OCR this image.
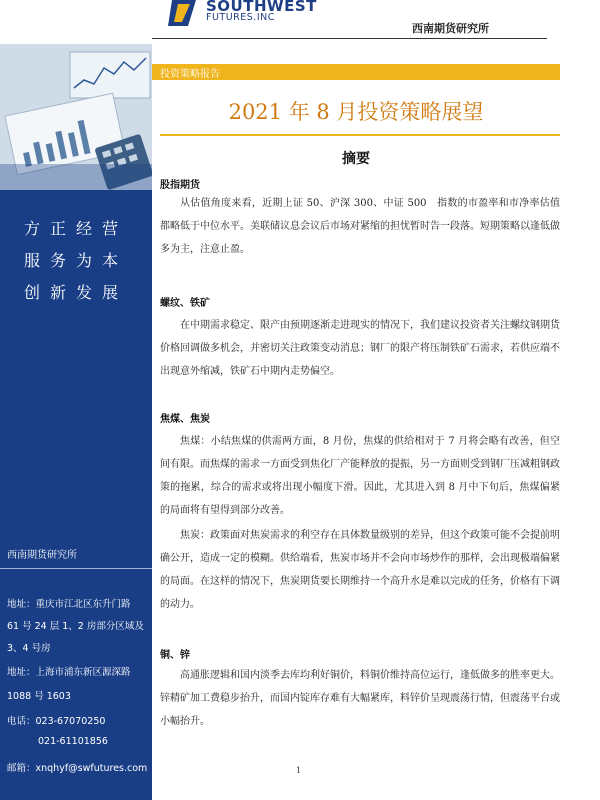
SOUTHWEST
FUTURES.INC
西南期货研究所
方正经营
服务为本
创新发展
西南期货研究所
地址：重庆市江北区东升门路
61 号 24 层 1、2 房部分区域及
3、4 号房
地址：上海市浦东新区源深路
1088 号 1603
电话：023-67070250
021-61101856
邮箱：xnqhyf@swfutures.com
投资策略报告
2021 年 8 月投资策略展望
摘要
股指期货
从估值角度来看，近期上证 50、沪深 300、中证 500　指数的市盈率和市净率估值都略低于中位水平。美联储议息会议后市场对紧缩的担忧暂时告一段落。短期策略以逢低做多为主，注意止盈。
螺纹、铁矿
在中期需求稳定、限产由预期逐渐走进现实的情况下，我们建议投资者关注螺纹钢期货价格回调做多机会，并密切关注政策变动消息；钢厂的限产将压制铁矿石需求，若供应端不出现意外缩减，铁矿石中期内走势偏空。
焦煤、焦炭
焦煤：小结焦煤的供需两方面，8 月份，焦煤的供给相对于 7 月将会略有改善，但空间有限。而焦煤的需求一方面受到焦化厂产能释放的提振，另一方面则受到钢厂压减粗钢政策的拖累，综合的需求或将出现小幅度下滑。因此，尤其进入到 8 月中下旬后，焦煤偏紧的局面将有望得到部分改善。
焦炭：政策面对焦炭需求的利空存在具体数量级别的差异，但这个政策可能不会提前明确公开，造成一定的模糊。供给端看，焦炭市场并不会向市场炒作的那样，会出现极端偏紧的局面。在这样的情况下，焦炭期货要长期维持一个高升水是难以完成的任务，价格有下调的动力。
铜、锌
高通胀逻辑和国内淡季去库均利好铜价，料铜价维持高位运行，逢低做多的胜率更大。锌精矿加工费稳步抬升，而国内锭库存难有大幅紧库，料锌价呈现震荡行情，但震荡平台或小幅抬升。
1
